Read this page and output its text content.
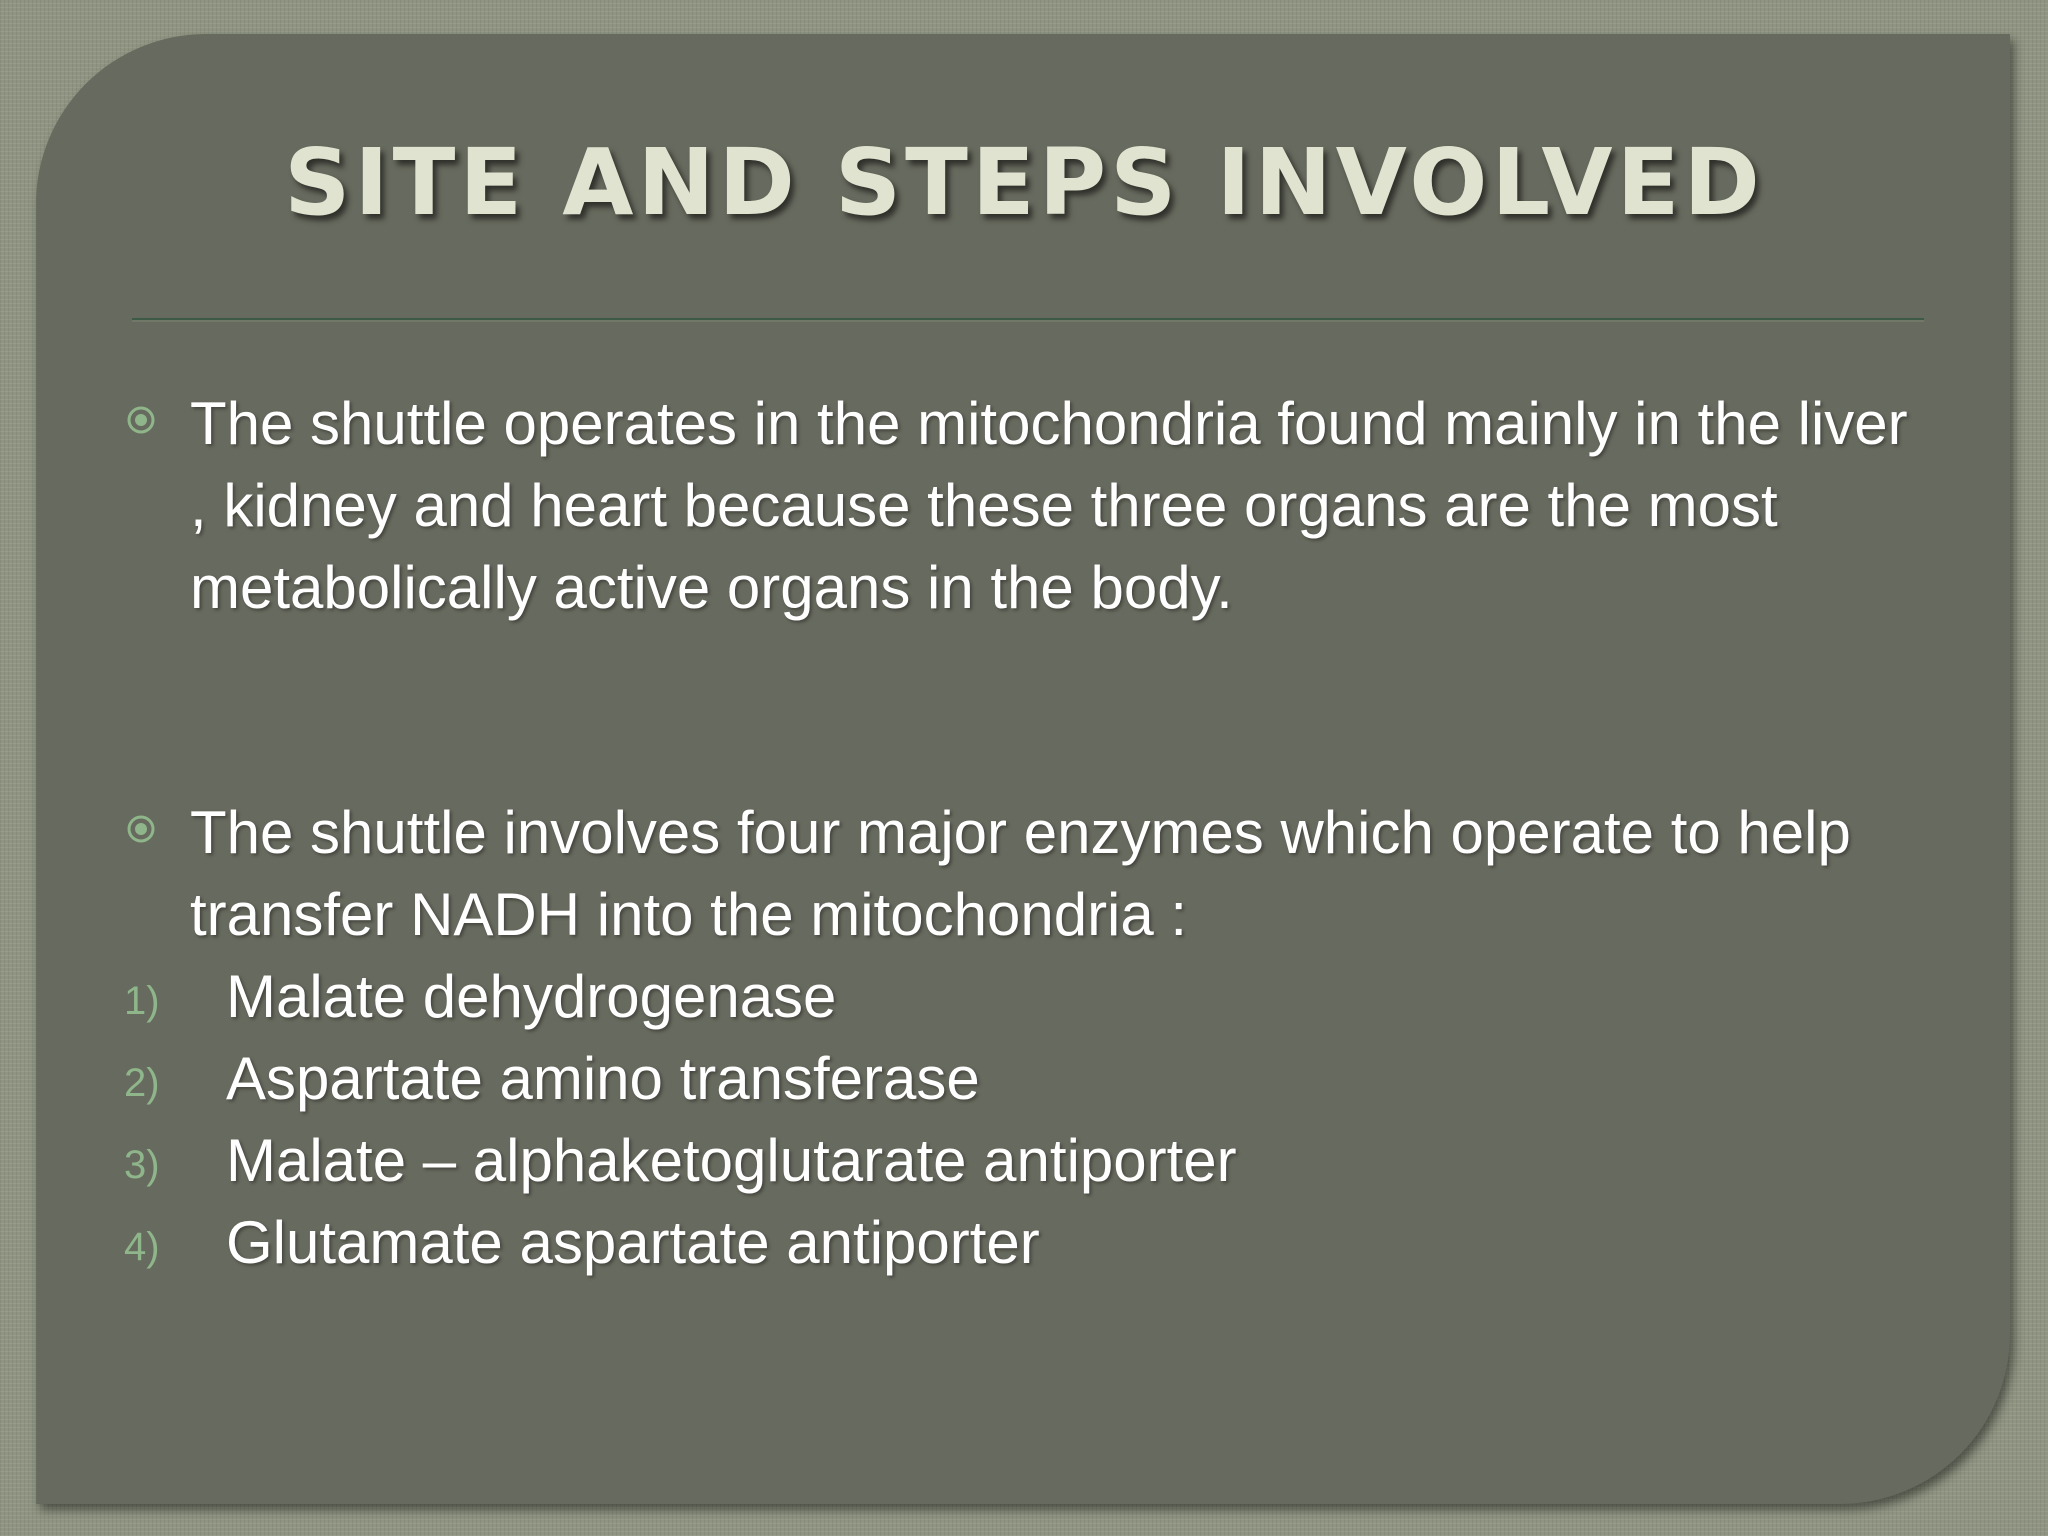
SITE AND STEPS INVOLVED
The shuttle operates in the mitochondria found mainly in the liver , kidney and heart because these three organs are the most metabolically active organs in the body.
The shuttle involves four major enzymes which operate to help transfer NADH into the mitochondria :
1) Malate dehydrogenase
2) Aspartate amino transferase
3) Malate – alphaketoglutarate antiporter
4) Glutamate aspartate antiporter
